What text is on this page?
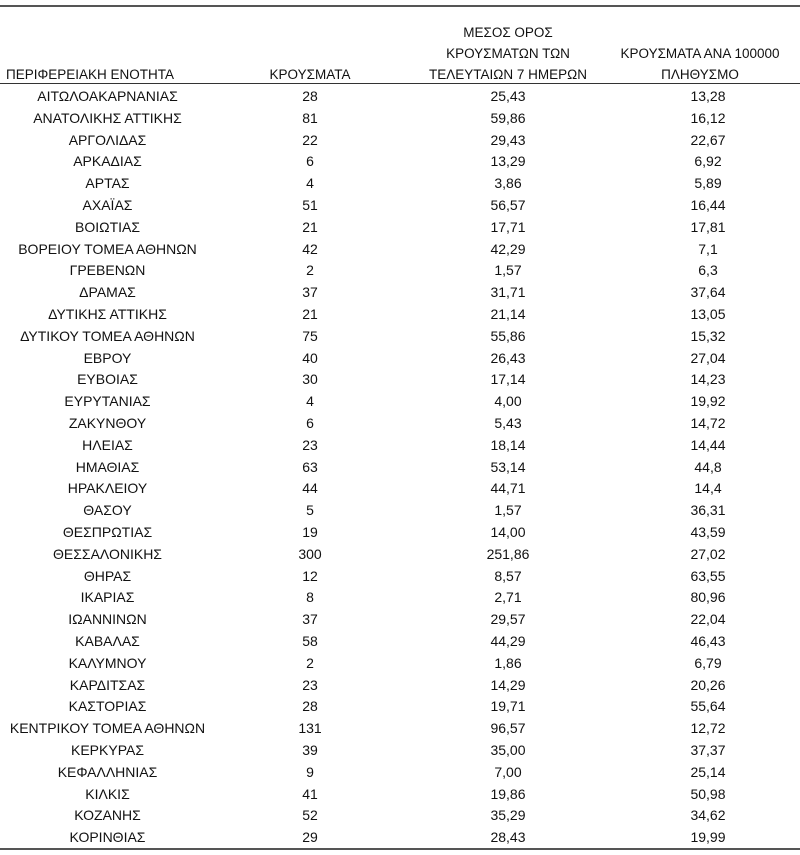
ΠΕΡΙΦΕΡΕΙΑΚΗ ΕΝΟΤΗΤΑ	ΚΡΟΥΣΜΑΤΑ
ΜΕΣΟΣ ΟΡΟΣ
ΚΡΟΥΣΜΑΤΩΝ ΤΩΝ
ΤΕΛΕΥΤΑΙΩΝ 7 ΗΜΕΡΩΝ
ΚΡΟΥΣΜΑΤΑ ΑΝΑ 100000
ΠΛΗΘΥΣΜΟ
ΑΙΤΩΛΟΑΚΑΡΝΑΝΙΑΣ	28	25,43	13,28
ΑΝΑΤΟΛΙΚΗΣ ΑΤΤΙΚΗΣ	81	59,86	16,12
ΑΡΓΟΛΙΔΑΣ	22	29,43	22,67
ΑΡΚΑΔΙΑΣ	6	13,29	6,92
ΑΡΤΑΣ	4	3,86	5,89
ΑΧΑΪΑΣ	51	56,57	16,44
ΒΟΙΩΤΙΑΣ	21	17,71	17,81
ΒΟΡΕΙΟΥ ΤΟΜΕΑ ΑΘΗΝΩΝ	42	42,29	7,1
ΓΡΕΒΕΝΩΝ	2	1,57	6,3
ΔΡΑΜΑΣ	37	31,71	37,64
ΔΥΤΙΚΗΣ ΑΤΤΙΚΗΣ	21	21,14	13,05
ΔΥΤΙΚΟΥ ΤΟΜΕΑ ΑΘΗΝΩΝ	75	55,86	15,32
ΕΒΡΟΥ	40	26,43	27,04
ΕΥΒΟΙΑΣ	30	17,14	14,23
ΕΥΡΥΤΑΝΙΑΣ	4	4,00	19,92
ΖΑΚΥΝΘΟΥ	6	5,43	14,72
ΗΛΕΙΑΣ	23	18,14	14,44
ΗΜΑΘΙΑΣ	63	53,14	44,8
ΗΡΑΚΛΕΙΟΥ	44	44,71	14,4
ΘΑΣΟΥ	5	1,57	36,31
ΘΕΣΠΡΩΤΙΑΣ	19	14,00	43,59
ΘΕΣΣΑΛΟΝΙΚΗΣ	300	251,86	27,02
ΘΗΡΑΣ	12	8,57	63,55
ΙΚΑΡΙΑΣ	8	2,71	80,96
ΙΩΑΝΝΙΝΩΝ	37	29,57	22,04
ΚΑΒΑΛΑΣ	58	44,29	46,43
ΚΑΛΥΜΝΟΥ	2	1,86	6,79
ΚΑΡΔΙΤΣΑΣ	23	14,29	20,26
ΚΑΣΤΟΡΙΑΣ	28	19,71	55,64
ΚΕΝΤΡΙΚΟΥ ΤΟΜΕΑ ΑΘΗΝΩΝ	131	96,57	12,72
ΚΕΡΚΥΡΑΣ	39	35,00	37,37
ΚΕΦΑΛΛΗΝΙΑΣ	9	7,00	25,14
ΚΙΛΚΙΣ	41	19,86	50,98
ΚΟΖΑΝΗΣ	52	35,29	34,62
ΚΟΡΙΝΘΙΑΣ	29	28,43	19,99
